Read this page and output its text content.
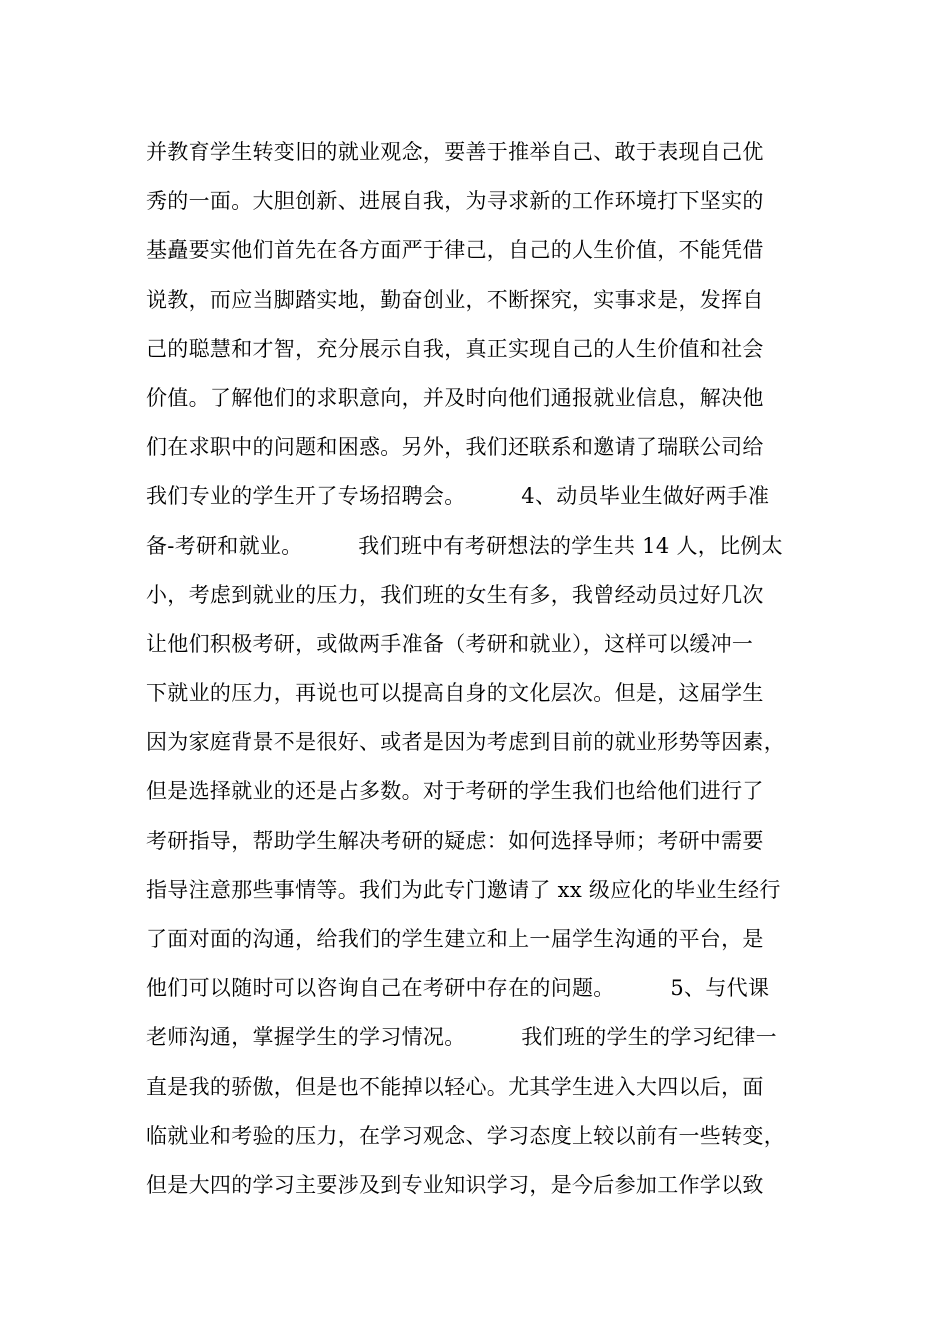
并教育学生转变旧的就业观念，要善于推举自己、敢于表现自己优
秀的一面。大胆创新、进展自我，为寻求新的工作环境打下坚实的
基矗要实他们首先在各方面严于律己，自己的人生价值，不能凭借
说教，而应当脚踏实地，勤奋创业，不断探究，实事求是，发挥自
己的聪慧和才智，充分展示自我，真正实现自己的人生价值和社会
价值。了解他们的求职意向，并及时向他们通报就业信息，解决他
们在求职中的问题和困惑。另外，我们还联系和邀请了瑞联公司给
我们专业的学生开了专场招聘会。        4、动员毕业生做好两手准
备-考研和就业。        我们班中有考研想法的学生共 14 人，比例太
小，考虑到就业的压力，我们班的女生有多，我曾经动员过好几次
让他们积极考研，或做两手准备（考研和就业），这样可以缓冲一
下就业的压力，再说也可以提高自身的文化层次。但是，这届学生
因为家庭背景不是很好、或者是因为考虑到目前的就业形势等因素，
但是选择就业的还是占多数。对于考研的学生我们也给他们进行了
考研指导，帮助学生解决考研的疑虑：如何选择导师；考研中需要
指导注意那些事情等。我们为此专门邀请了 xx 级应化的毕业生经行
了面对面的沟通，给我们的学生建立和上一届学生沟通的平台，是
他们可以随时可以咨询自己在考研中存在的问题。        5、与代课
老师沟通，掌握学生的学习情况。        我们班的学生的学习纪律一
直是我的骄傲，但是也不能掉以轻心。尤其学生进入大四以后，面
临就业和考验的压力，在学习观念、学习态度上较以前有一些转变，
但是大四的学习主要涉及到专业知识学习，是今后参加工作学以致
